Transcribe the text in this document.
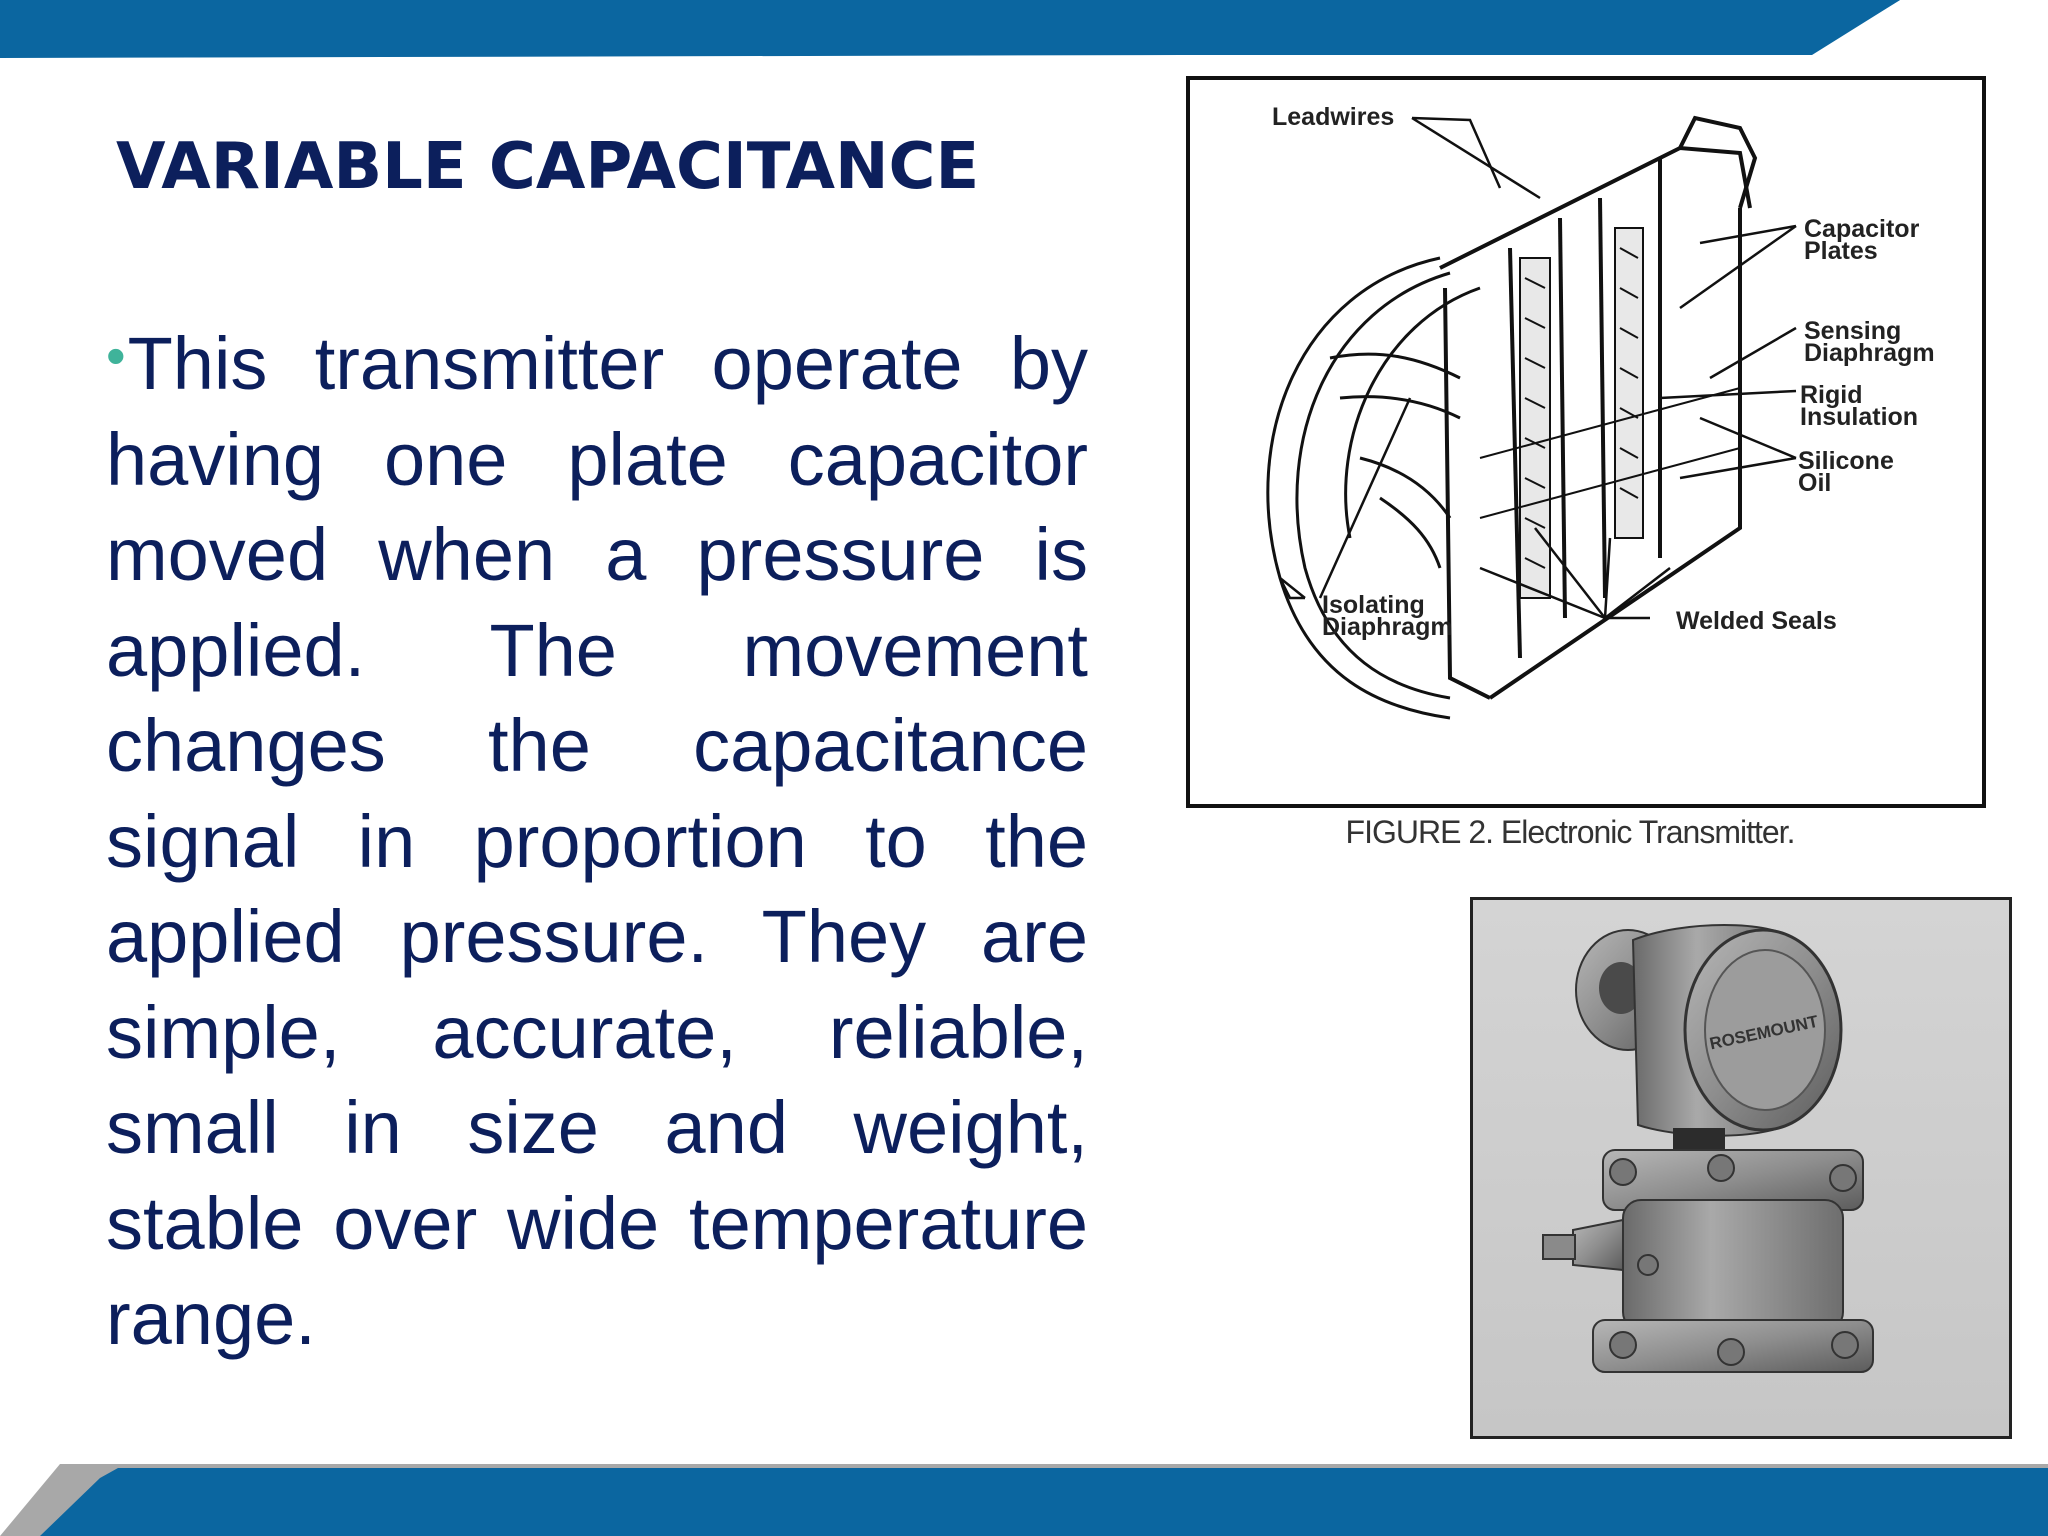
VARIABLE CAPACITANCE
•This transmitter operate by having one plate capacitor moved when a pressure is applied. The movement changes the capacitance signal in proportion to the applied pressure. They are simple, accurate, reliable, small in size and weight, stable over wide temperature range.
Leadwires
Capacitor
Plates
Sensing
Diaphragm
Rigid
Insulation
Silicone
Oil
Isolating
Diaphragm	Welded Seals
FIGURE 2. Electronic Transmitter.
ROSEMOUNT
